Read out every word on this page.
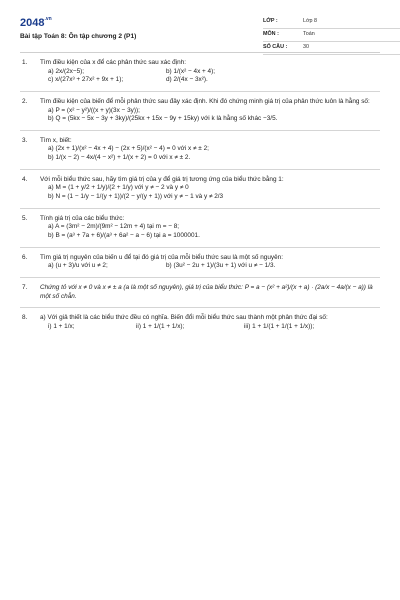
$2048^{.vn}$
Bài tập Toán 8: Ôn tập chương 2 (P1)
LỚP :	Lớp 8
MÔN :	Toán
SỐ CÂU :	30
1. Tìm điều kiện của x để các phân thức sau xác định:
a) 2x/(2x−5);	b) 1/(x² − 4x + 4);
c) x/(27x³ + 27x² + 9x + 1);	d) 2/(4x − 3x²).
2. Tìm điều kiện của biến để mỗi phân thức sau đây xác định. Khi đó chứng minh giá trị của phân thức luôn là hằng số:
a) P = (x² − y²)/((x + y)(3x − 3y));
b) Q = (5kx − 5x − 3y + 3ky)/(25kx + 15x − 9y + 15ky) với k là hằng số khác −3/5.
3. Tìm x, biết:
a) (2x + 1)/(x² − 4x + 4) − (2x + 5)/(x² − 4) = 0 với x ≠ ± 2;
b) 1/(x − 2) − 4x/(4 − x²) + 1/(x + 2) = 0 với x ≠ ± 2.
4. Với mỗi biểu thức sau, hãy tìm giá trị của y để giá trị tương ứng của biểu thức bằng 1:
a) M = (1 + y/2 + 1/y)/(2 + 1/y) với y ≠ − 2 và y ≠ 0
b) N = (1 − 1/y − 1/(y + 1))/(2 − y/(y + 1)) với y ≠ − 1 và y ≠ 2/3
5. Tính giá trị của các biểu thức:
a) A = (3m² − 2m)/(9m² − 12m + 4) tại m = − 8;
b) B = (a³ + 7a + 6)/(a³ + 6a² − a − 6) tại a = 1000001.
6. Tìm giá trị nguyên của biến u để tại đó giá trị của mỗi biểu thức sau là một số nguyên:
a) (u + 3)/u với u ≠ 2;	b) (3u² − 2u + 1)/(3u + 1) với u ≠ − 1/3.
7. Chứng tỏ với x ≠ 0 và x ≠ ± a (a là một số nguyên), giá trị của biểu thức: P = a − (x² + a²)/(x + a) · (2a/x − 4a/(x − a)) là một số chẵn.
8. a) Với giả thiết là các biểu thức đều có nghĩa. Biến đổi mỗi biểu thức sau thành một phân thức đại số:
i) 1 + 1/x;	ii) 1 + 1/(1 + 1/x);	iii) 1 + 1/(1 + 1/(1 + 1/x));
